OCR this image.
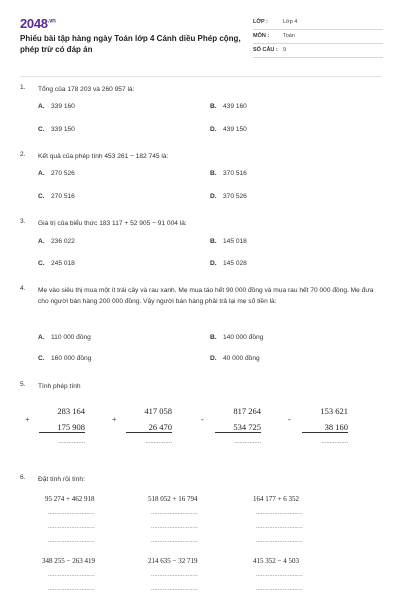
$2048^{.vn}$
Phiếu bài tập hàng ngày Toán lớp 4 Cánh diều Phép cộng, phép trừ có đáp án
LỚP :	Lớp 4
MÔN :	Toán
SỐ CÂU : 9
1. Tổng của 178 203 và 260 957 là:
A. 339 160	B. 439 160
C. 339 150	D. 439 150
2. Kết quả của phép tính 453 261 − 182 745 là:
A. 270 526	B. 370 516
C. 270 516	D. 370 526
3. Giá trị của biểu thức 183 117 + 52 905 − 91 004 là:
A. 236 022	B. 145 018
C. 245 018	D. 145 028
4. Mẹ vào siêu thị mua một ít trái cây và rau xanh. Mẹ mua táo hết 90 000 đồng và mua rau hết 70 000 đồng. Mẹ đưa cho người bán hàng 200 000 đồng. Vậy người bán hàng phải trả lại mẹ số tiền là:
A. 110 000 đồng	B. 140 000 đồng
C. 160 000 đồng	D. 40 000 đồng
5. Tính phép tính
283 164
+
175 908
................
417 058
+
26 470
................
817 264
-
534 725
................
153 621
-
38 160
................
6. Đặt tính rồi tính:
95 274 + 462 918	518 052 + 16 794	164 177 + 6 352
............................
............................
............................
............................
............................
............................
............................
............................
............................
348 255 − 263 419	214 635 − 32 719	415 352 − 4 503
............................
............................
............................
............................
............................
............................
